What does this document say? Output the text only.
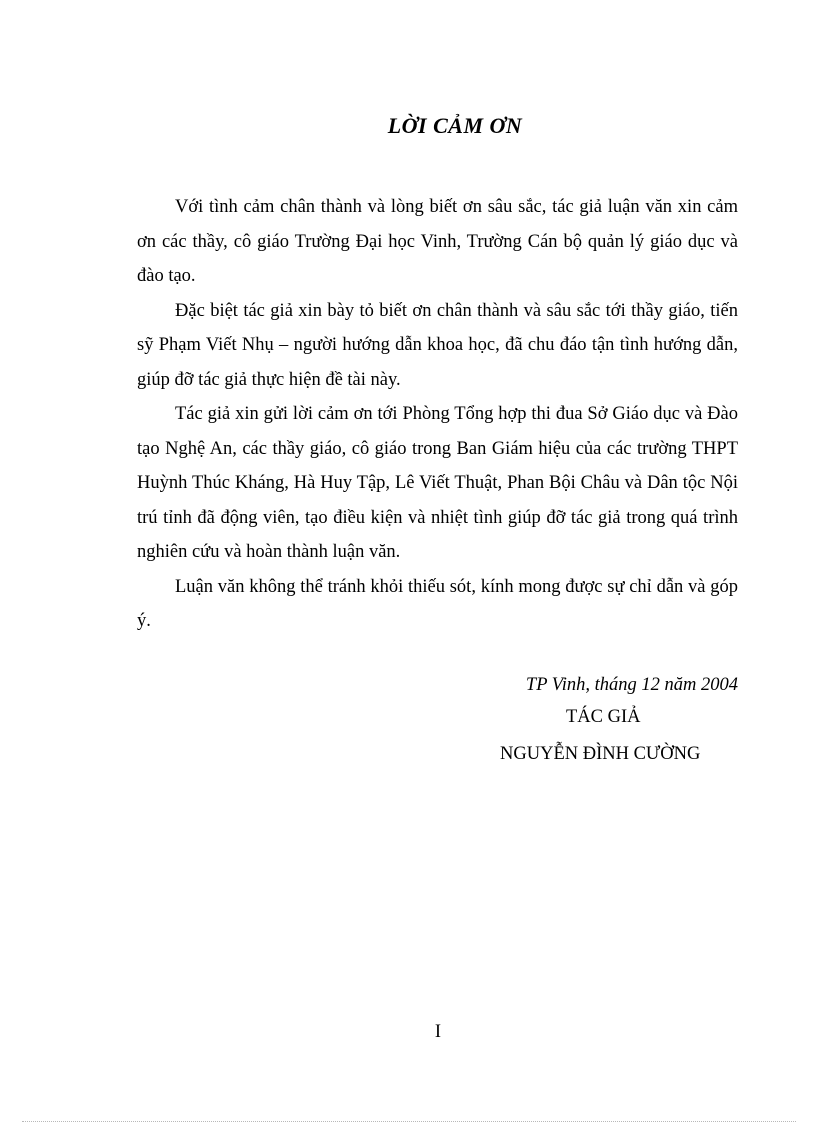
LỜI CẢM ƠN

Với tình cảm chân thành và lòng biết ơn sâu sắc, tác giả luận văn xin cảm ơn các thầy, cô giáo Trường Đại học Vinh, Trường Cán bộ quản lý giáo dục và đào tạo.

Đặc biệt tác giả xin bày tỏ biết ơn chân thành và sâu sắc tới thầy giáo, tiến sỹ Phạm Viết Nhụ – người hướng dẫn khoa học, đã chu đáo tận tình hướng dẫn, giúp đỡ tác giả thực hiện đề tài này.

Tác giả xin gửi lời cảm ơn tới Phòng Tổng hợp thi đua Sở Giáo dục và Đào tạo Nghệ An, các thầy giáo, cô giáo trong Ban Giám hiệu của các trường THPT Huỳnh Thúc Kháng, Hà Huy Tập, Lê Viết Thuật, Phan Bội Châu và Dân tộc Nội trú tỉnh đã động viên, tạo điều kiện và nhiệt tình giúp đỡ tác giả trong quá trình nghiên cứu và hoàn thành luận văn.

Luận văn không thể tránh khỏi thiếu sót, kính mong được sự chỉ dẫn và góp ý.

TP Vinh, tháng 12 năm 2004
TÁC GIẢ
NGUYỄN ĐÌNH CƯỜNG
I
